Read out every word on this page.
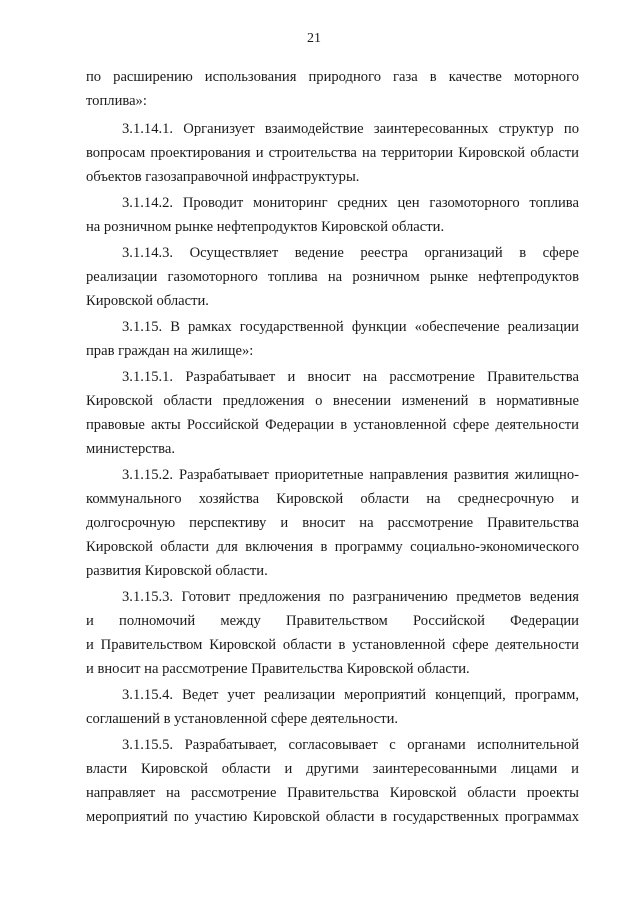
21
по расширению использования природного газа в качестве моторного
топлива»:
3.1.14.1. Организует взаимодействие заинтересованных структур по
вопросам проектирования и строительства на территории Кировской области
объектов газозаправочной инфраструктуры.
3.1.14.2. Проводит мониторинг средних цен газомоторного топлива
на розничном рынке нефтепродуктов Кировской области.
3.1.14.3. Осуществляет ведение реестра организаций в сфере
реализации газомоторного топлива на розничном рынке нефтепродуктов
Кировской области.
3.1.15. В рамках государственной функции «обеспечение реализации
прав граждан на жилище»:
3.1.15.1. Разрабатывает и вносит на рассмотрение Правительства
Кировской области предложения о внесении изменений в нормативные
правовые акты Российской Федерации в установленной сфере деятельности
министерства.
3.1.15.2. Разрабатывает приоритетные направления развития жилищно-
коммунального хозяйства Кировской области на среднесрочную и
долгосрочную перспективу и вносит на рассмотрение Правительства
Кировской области для включения в программу социально-экономического
развития Кировской области.
3.1.15.3. Готовит предложения по разграничению предметов ведения
и полномочий между Правительством Российской Федерации
и Правительством Кировской области в установленной сфере деятельности
и вносит на рассмотрение Правительства Кировской области.
3.1.15.4. Ведет учет реализации мероприятий концепций, программ,
соглашений в установленной сфере деятельности.
3.1.15.5. Разрабатывает, согласовывает с органами исполнительной
власти Кировской области и другими заинтересованными лицами и
направляет на рассмотрение Правительства Кировской области проекты
мероприятий по участию Кировской области в государственных программах
